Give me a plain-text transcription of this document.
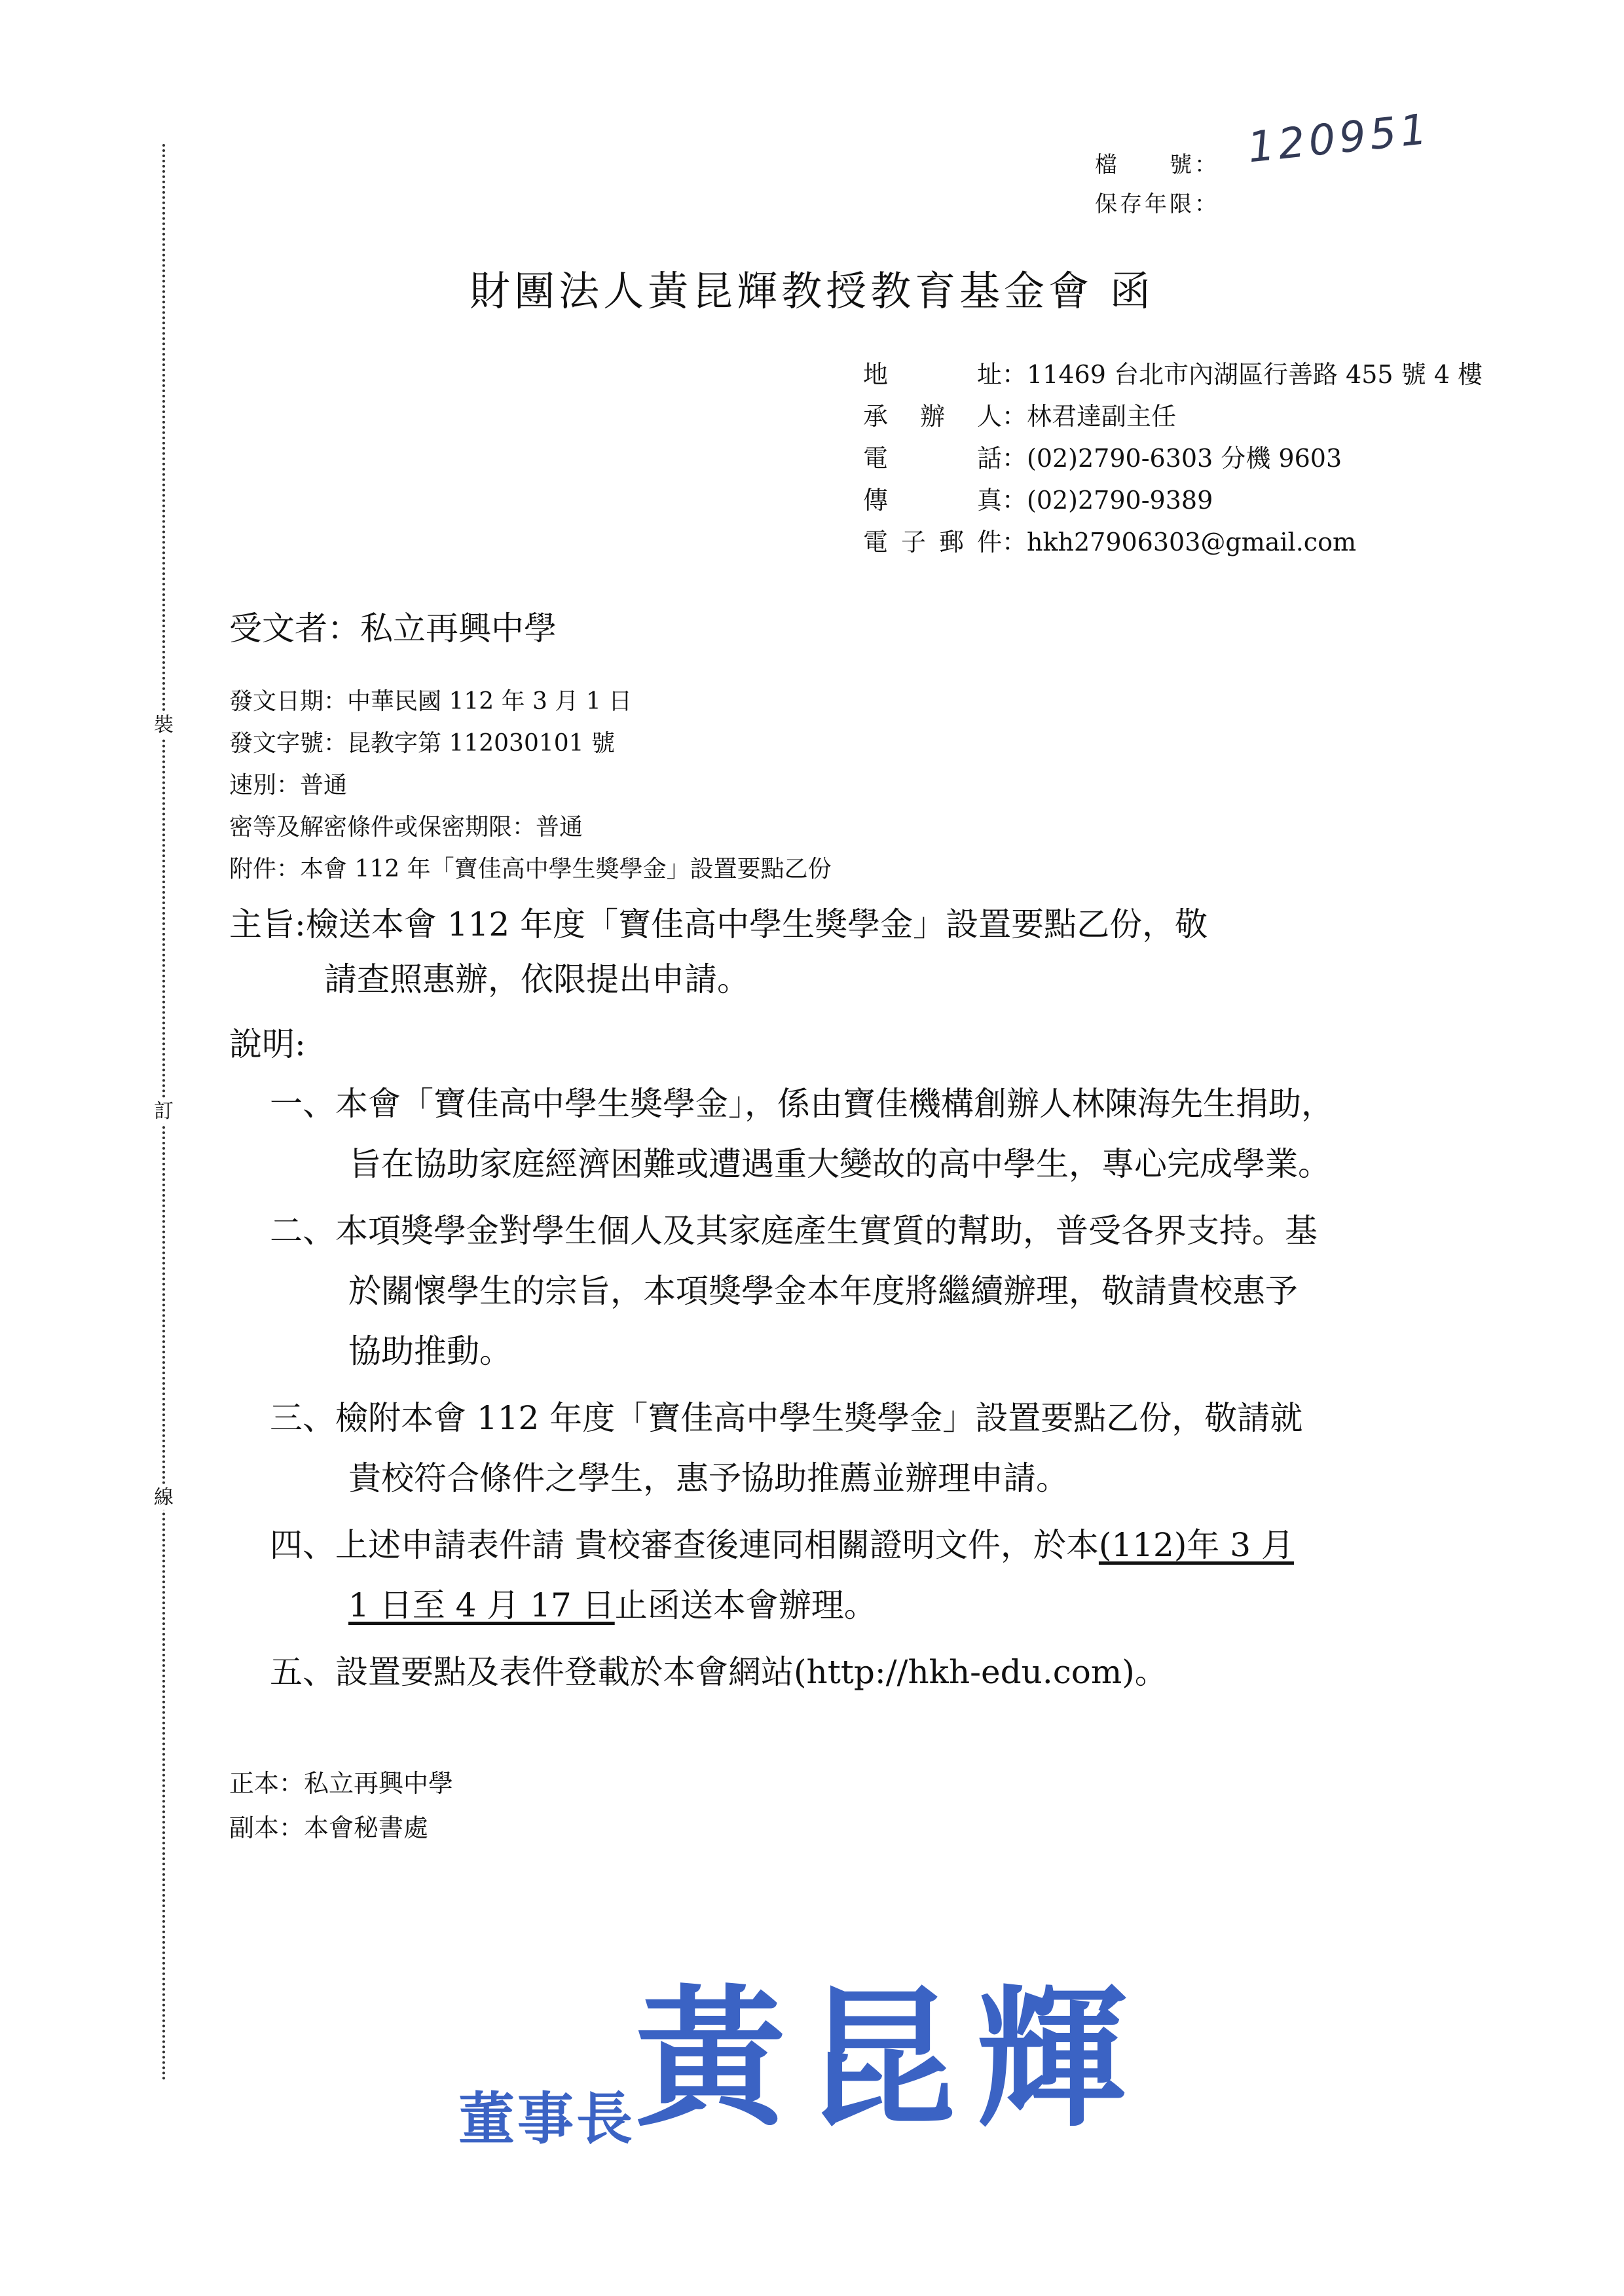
裝
訂
線
檔　　號：
保存年限：
120951
財團法人黃昆輝教授教育基金會 函
地址 ：11469 台北市內湖區行善路 455 號 4 樓
承辦人 ：林君達副主任
電話 ：(02)2790-6303 分機 9603
傳真 ：(02)2790-9389
電子郵件 ：hkh27906303@gmail.com
受文者：私立再興中學
發文日期：中華民國 112 年 3 月 1 日
發文字號：昆教字第 112030101 號
速別：普通
密等及解密條件或保密期限：普通
附件：本會 112 年「寶佳高中學生獎學金」設置要點乙份
主旨:檢送本會 112 年度「寶佳高中學生獎學金」設置要點乙份，敬
請查照惠辦，依限提出申請。
說明:
一、本會「寶佳高中學生獎學金」，係由寶佳機構創辦人林陳海先生捐助，
旨在協助家庭經濟困難或遭遇重大變故的高中學生，專心完成學業。
二、本項獎學金對學生個人及其家庭產生實質的幫助，普受各界支持。基
於關懷學生的宗旨，本項獎學金本年度將繼續辦理，敬請貴校惠予
協助推動。
三、檢附本會 112 年度「寶佳高中學生獎學金」設置要點乙份，敬請就
貴校符合條件之學生，惠予協助推薦並辦理申請。
四、上述申請表件請 貴校審查後連同相關證明文件，於本(112)年 3 月
1 日至 4 月 17 日止函送本會辦理。
五、設置要點及表件登載於本會網站(http://hkh-edu.com)。
正本：私立再興中學
副本：本會秘書處
董事長黃昆輝
